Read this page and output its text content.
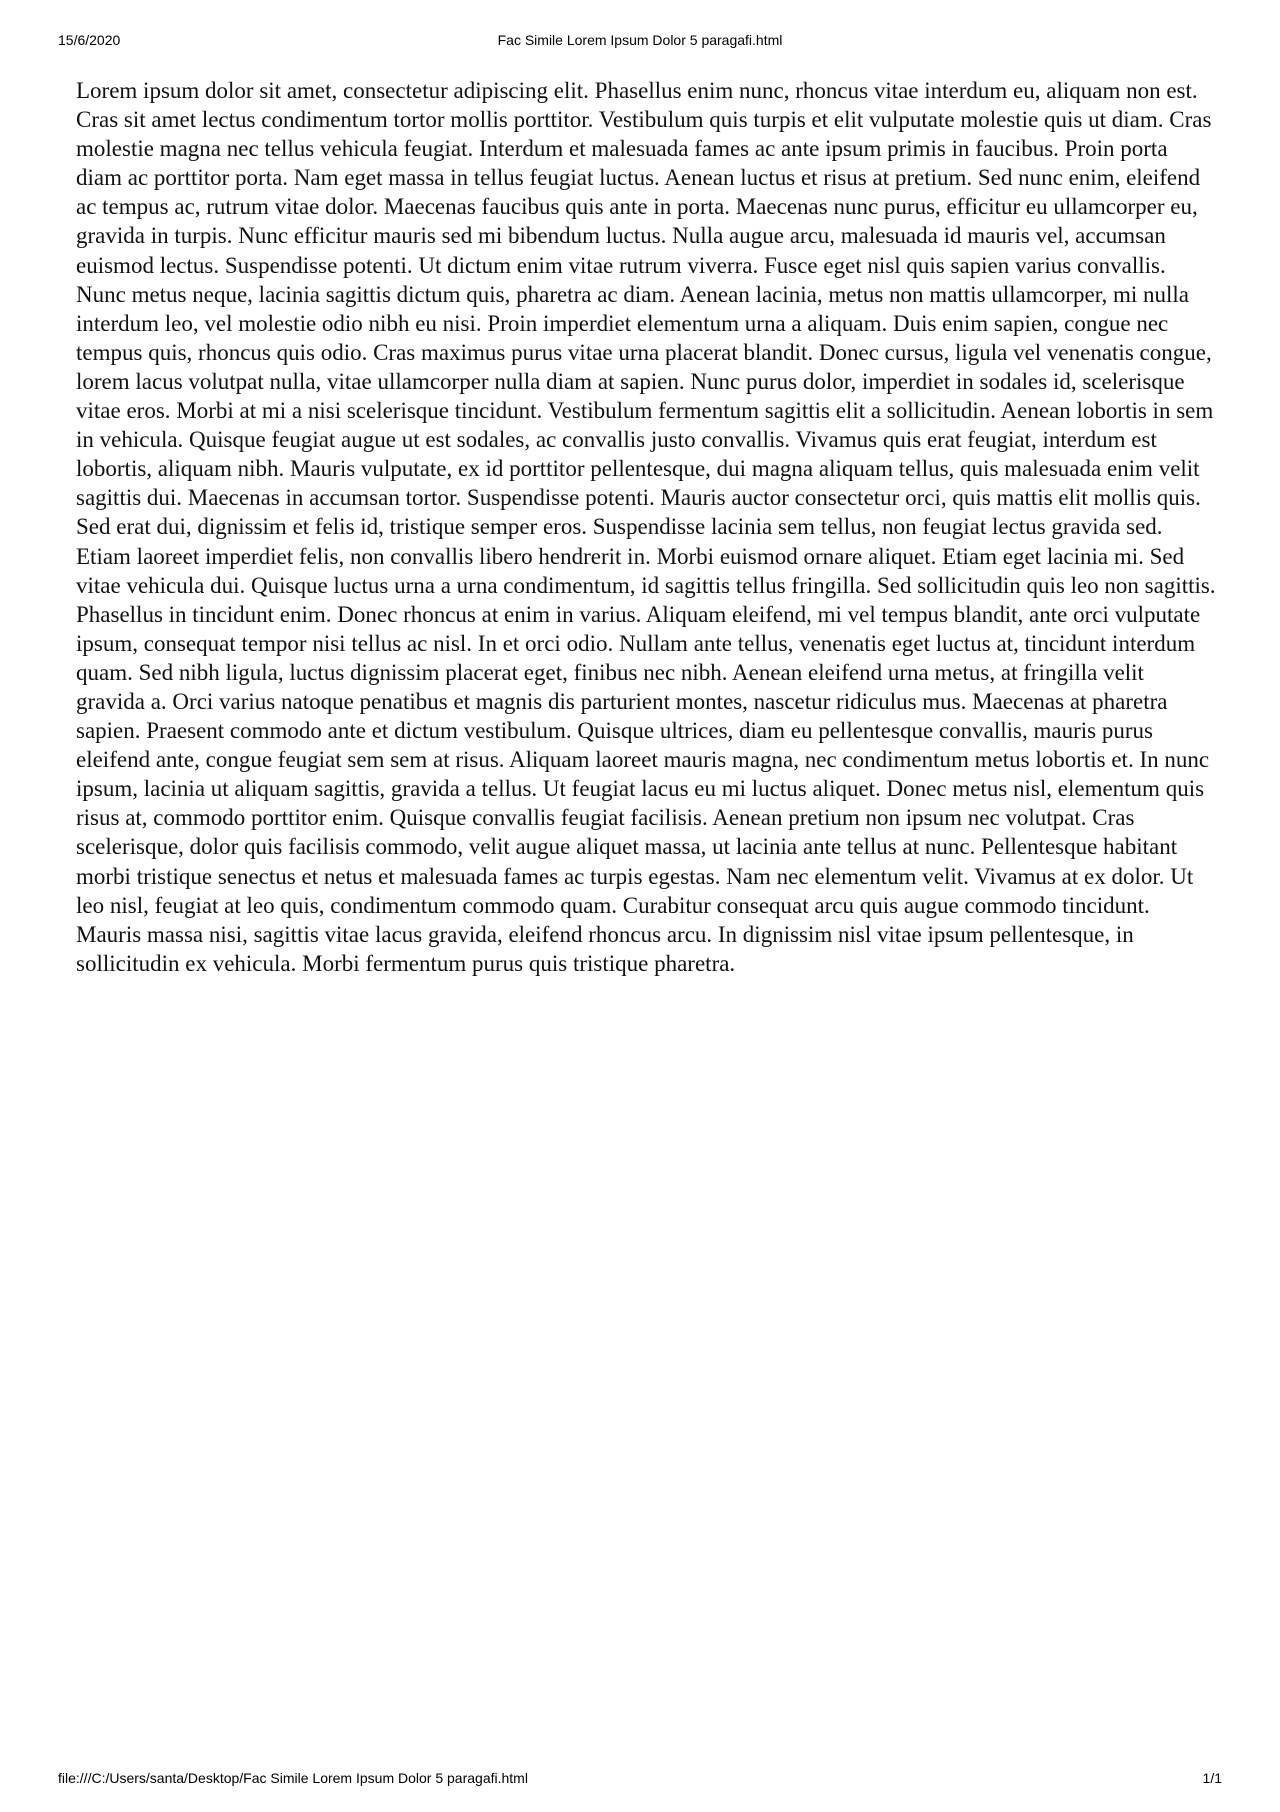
15/6/2020	Fac Simile Lorem Ipsum Dolor 5 paragafi.html

Lorem ipsum dolor sit amet, consectetur adipiscing elit. Phasellus enim nunc, rhoncus vitae interdum eu, aliquam non est. Cras sit amet lectus condimentum tortor mollis porttitor. Vestibulum quis turpis et elit vulputate molestie quis ut diam. Cras molestie magna nec tellus vehicula feugiat. Interdum et malesuada fames ac ante ipsum primis in faucibus. Proin porta diam ac porttitor porta. Nam eget massa in tellus feugiat luctus. Aenean luctus et risus at pretium. Sed nunc enim, eleifend ac tempus ac, rutrum vitae dolor. Maecenas faucibus quis ante in porta. Maecenas nunc purus, efficitur eu ullamcorper eu, gravida in turpis. Nunc efficitur mauris sed mi bibendum luctus. Nulla augue arcu, malesuada id mauris vel, accumsan euismod lectus. Suspendisse potenti. Ut dictum enim vitae rutrum viverra. Fusce eget nisl quis sapien varius convallis. Nunc metus neque, lacinia sagittis dictum quis, pharetra ac diam. Aenean lacinia, metus non mattis ullamcorper, mi nulla interdum leo, vel molestie odio nibh eu nisi. Proin imperdiet elementum urna a aliquam. Duis enim sapien, congue nec tempus quis, rhoncus quis odio. Cras maximus purus vitae urna placerat blandit. Donec cursus, ligula vel venenatis congue, lorem lacus volutpat nulla, vitae ullamcorper nulla diam at sapien. Nunc purus dolor, imperdiet in sodales id, scelerisque vitae eros. Morbi at mi a nisi scelerisque tincidunt. Vestibulum fermentum sagittis elit a sollicitudin. Aenean lobortis in sem in vehicula. Quisque feugiat augue ut est sodales, ac convallis justo convallis. Vivamus quis erat feugiat, interdum est lobortis, aliquam nibh. Mauris vulputate, ex id porttitor pellentesque, dui magna aliquam tellus, quis malesuada enim velit sagittis dui. Maecenas in accumsan tortor. Suspendisse potenti. Mauris auctor consectetur orci, quis mattis elit mollis quis. Sed erat dui, dignissim et felis id, tristique semper eros. Suspendisse lacinia sem tellus, non feugiat lectus gravida sed. Etiam laoreet imperdiet felis, non convallis libero hendrerit in. Morbi euismod ornare aliquet. Etiam eget lacinia mi. Sed vitae vehicula dui. Quisque luctus urna a urna condimentum, id sagittis tellus fringilla. Sed sollicitudin quis leo non sagittis. Phasellus in tincidunt enim. Donec rhoncus at enim in varius. Aliquam eleifend, mi vel tempus blandit, ante orci vulputate ipsum, consequat tempor nisi tellus ac nisl. In et orci odio. Nullam ante tellus, venenatis eget luctus at, tincidunt interdum quam. Sed nibh ligula, luctus dignissim placerat eget, finibus nec nibh. Aenean eleifend urna metus, at fringilla velit gravida a. Orci varius natoque penatibus et magnis dis parturient montes, nascetur ridiculus mus. Maecenas at pharetra sapien. Praesent commodo ante et dictum vestibulum. Quisque ultrices, diam eu pellentesque convallis, mauris purus eleifend ante, congue feugiat sem sem at risus. Aliquam laoreet mauris magna, nec condimentum metus lobortis et. In nunc ipsum, lacinia ut aliquam sagittis, gravida a tellus. Ut feugiat lacus eu mi luctus aliquet. Donec metus nisl, elementum quis risus at, commodo porttitor enim. Quisque convallis feugiat facilisis. Aenean pretium non ipsum nec volutpat. Cras scelerisque, dolor quis facilisis commodo, velit augue aliquet massa, ut lacinia ante tellus at nunc. Pellentesque habitant morbi tristique senectus et netus et malesuada fames ac turpis egestas. Nam nec elementum velit. Vivamus at ex dolor. Ut leo nisl, feugiat at leo quis, condimentum commodo quam. Curabitur consequat arcu quis augue commodo tincidunt. Mauris massa nisi, sagittis vitae lacus gravida, eleifend rhoncus arcu. In dignissim nisl vitae ipsum pellentesque, in sollicitudin ex vehicula. Morbi fermentum purus quis tristique pharetra.

file:///C:/Users/santa/Desktop/Fac Simile Lorem Ipsum Dolor 5 paragafi.html	1/1
